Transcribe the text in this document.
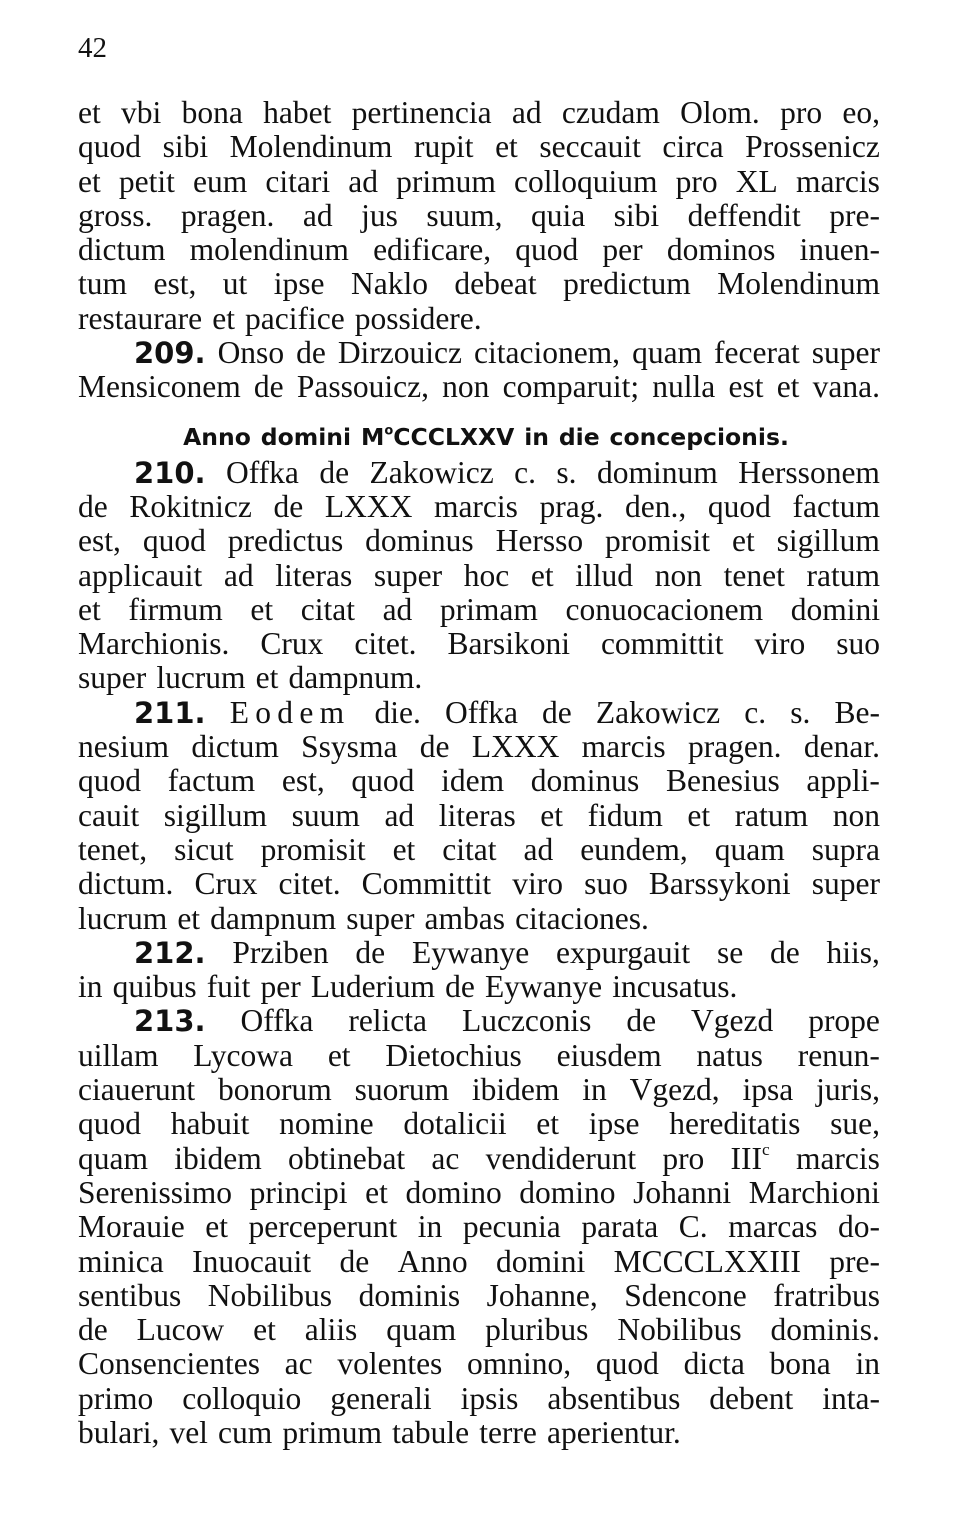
42
et vbi bona habet pertinencia ad czudam Olom. pro eo,
quod sibi Molendinum rupit et seccauit circa Prossenicz
et petit eum citari ad primum colloquium pro XL marcis
gross. pragen. ad jus suum, quia sibi deffendit pre-
dictum molendinum edificare, quod per dominos inuen-
tum est, ut ipse Naklo debeat predictum Molendinum
restaurare et pacifice possidere.
209. Onso de Dirzouicz citacionem, quam fecerat super
Mensiconem de Passouicz, non comparuit; nulla est et vana.
Anno domini $M^oCCCLXXV$ in die concepcionis.
210. Offka de Zakowicz c. s. dominum Herssonem
de Rokitnicz de LXXX marcis prag. den., quod factum
est, quod predictus dominus Hersso promisit et sigillum
applicauit ad literas super hoc et illud non tenet ratum
et firmum et citat ad primam conuocacionem domini
Marchionis. Crux citet. Barsikoni committit viro suo
super lucrum et dampnum.
211. Eodem die. Offka de Zakowicz c. s. Be-
nesium dictum Ssysma de LXXX marcis pragen. denar.
quod factum est, quod idem dominus Benesius appli-
cauit sigillum suum ad literas et fidum et ratum non
tenet, sicut promisit et citat ad eundem, quam supra
dictum. Crux citet. Committit viro suo Barssykoni super
lucrum et dampnum super ambas citaciones.
212. Prziben de Eywanye expurgauit se de hiis,
in quibus fuit per Luderium de Eywanye incusatus.
213. Offka relicta Luczconis de Vgezd prope
uillam Lycowa et Dietochius eiusdem natus renun-
ciauerunt bonorum suorum ibidem in Vgezd, ipsa juris,
quod habuit nomine dotalicii et ipse hereditatis sue,
quam ibidem obtinebat ac vendiderunt pro III$^c$ marcis
Serenissimo principi et domino domino Johanni Marchioni
Morauie et perceperunt in pecunia parata C. marcas do-
minica Inuocauit de Anno domini MCCCLXXIII pre-
sentibus Nobilibus dominis Johanne, Sdencone fratribus
de Lucow et aliis quam pluribus Nobilibus dominis.
Consencientes ac volentes omnino, quod dicta bona in
primo colloquio generali ipsis absentibus debent inta-
bulari, vel cum primum tabule terre aperientur.
